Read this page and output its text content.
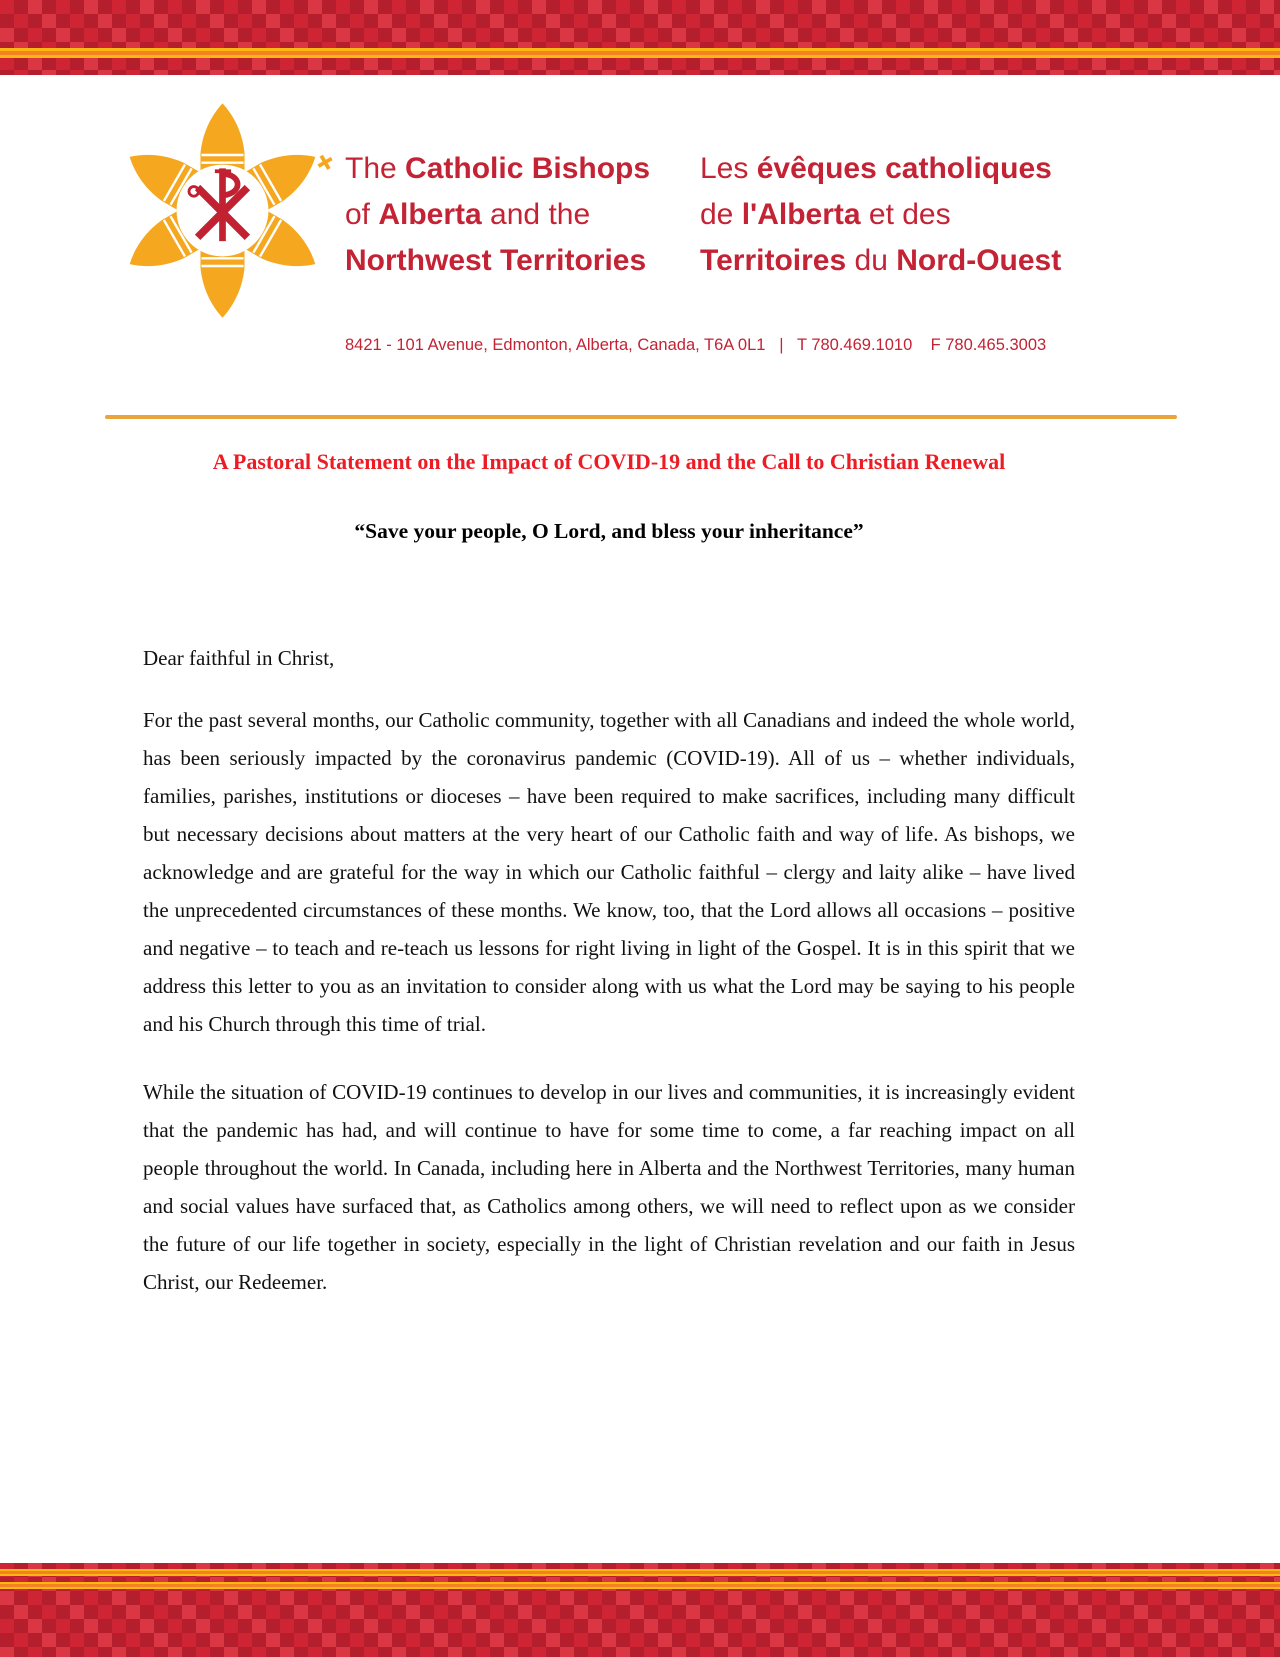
The Catholic Bishops
of Alberta and the
Northwest Territories
Les évêques catholiques
de l'Alberta et des
Territoires du Nord-Ouest
8421 - 101 Avenue, Edmonton, Alberta, Canada, T6A 0L1   |   T 780.469.1010    F 780.465.3003
A Pastoral Statement on the Impact of COVID-19 and the Call to Christian Renewal
“Save your people, O Lord, and bless your inheritance”

Dear faithful in Christ,

For the past several months, our Catholic community, together with all Canadians and indeed the whole world, has been seriously impacted by the coronavirus pandemic (COVID-19). All of us – whether individuals, families, parishes, institutions or dioceses – have been required to make sacrifices, including many difficult but necessary decisions about matters at the very heart of our Catholic faith and way of life. As bishops, we acknowledge and are grateful for the way in which our Catholic faithful – clergy and laity alike – have lived the unprecedented circumstances of these months. We know, too, that the Lord allows all occasions – positive and negative – to teach and re-teach us lessons for right living in light of the Gospel. It is in this spirit that we address this letter to you as an invitation to consider along with us what the Lord may be saying to his people and his Church through this time of trial.

While the situation of COVID-19 continues to develop in our lives and communities, it is increasingly evident that the pandemic has had, and will continue to have for some time to come, a far reaching impact on all people throughout the world. In Canada, including here in Alberta and the Northwest Territories, many human and social values have surfaced that, as Catholics among others, we will need to reflect upon as we consider the future of our life together in society, especially in the light of Christian revelation and our faith in Jesus Christ, our Redeemer.
